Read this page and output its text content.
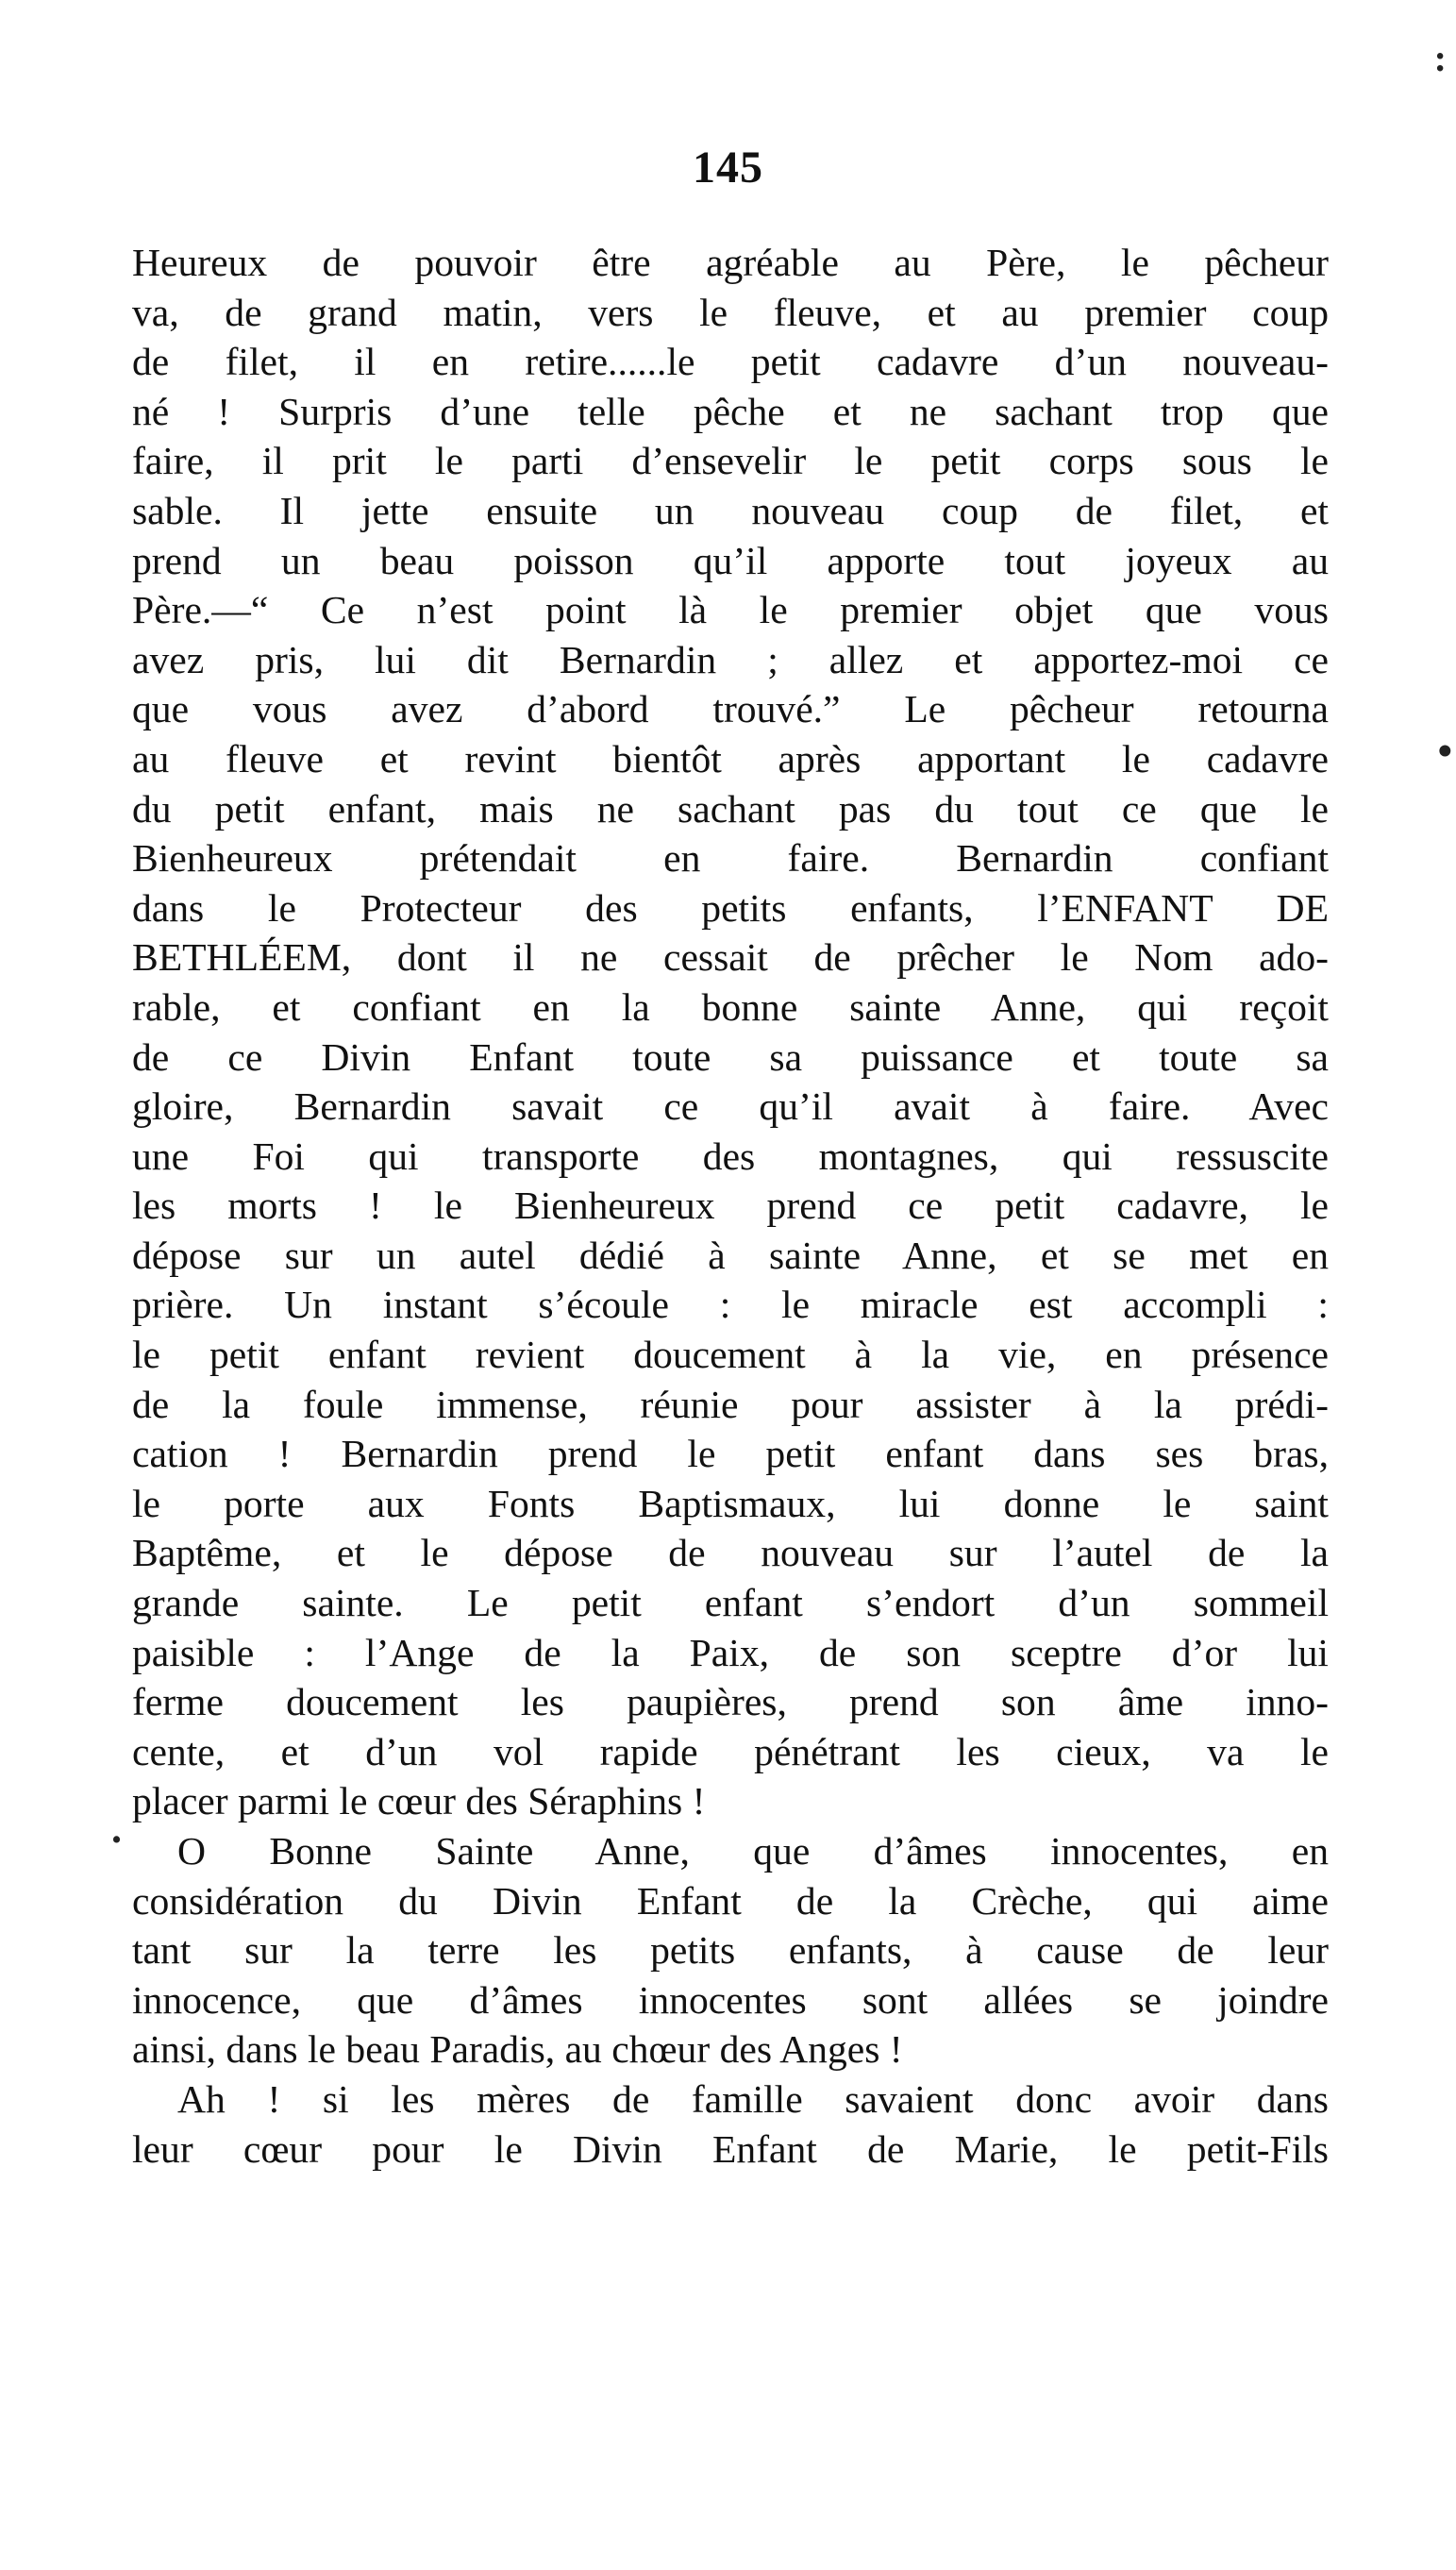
145
Heureux de pouvoir être agréable au Père, le pêcheur
va, de grand matin, vers le fleuve, et au premier coup
de filet, il en retire......le petit cadavre d’un nouveau-
né ! Surpris d’une telle pêche et ne sachant trop que
faire, il prit le parti d’ensevelir le petit corps sous le
sable. Il jette ensuite un nouveau coup de filet, et
prend un beau poisson qu’il apporte tout joyeux au
Père.—“ Ce n’est point là le premier objet que vous
avez pris, lui dit Bernardin ; allez et apportez-moi ce
que vous avez d’abord trouvé.” Le pêcheur retourna
au fleuve et revint bientôt après apportant le cadavre
du petit enfant, mais ne sachant pas du tout ce que le
Bienheureux prétendait en faire. Bernardin confiant
dans le Protecteur des petits enfants, l’ENFANT DE
BETHLÉEM, dont il ne cessait de prêcher le Nom ado-
rable, et confiant en la bonne sainte Anne, qui reçoit
de ce Divin Enfant toute sa puissance et toute sa
gloire, Bernardin savait ce qu’il avait à faire. Avec
une Foi qui transporte des montagnes, qui ressuscite
les morts ! le Bienheureux prend ce petit cadavre, le
dépose sur un autel dédié à sainte Anne, et se met en
prière. Un instant s’écoule : le miracle est accompli :
le petit enfant revient doucement à la vie, en présence
de la foule immense, réunie pour assister à la prédi-
cation ! Bernardin prend le petit enfant dans ses bras,
le porte aux Fonts Baptismaux, lui donne le saint
Baptême, et le dépose de nouveau sur l’autel de la
grande sainte. Le petit enfant s’endort d’un sommeil
paisible : l’Ange de la Paix, de son sceptre d’or lui
ferme doucement les paupières, prend son âme inno-
cente, et d’un vol rapide pénétrant les cieux, va le
placer parmi le cœur des Séraphins !
O Bonne Sainte Anne, que d’âmes innocentes, en
considération du Divin Enfant de la Crèche, qui aime
tant sur la terre les petits enfants, à cause de leur
innocence, que d’âmes innocentes sont allées se joindre
ainsi, dans le beau Paradis, au chœur des Anges !
Ah ! si les mères de famille savaient donc avoir dans
leur cœur pour le Divin Enfant de Marie, le petit-Fils
:
•
.
